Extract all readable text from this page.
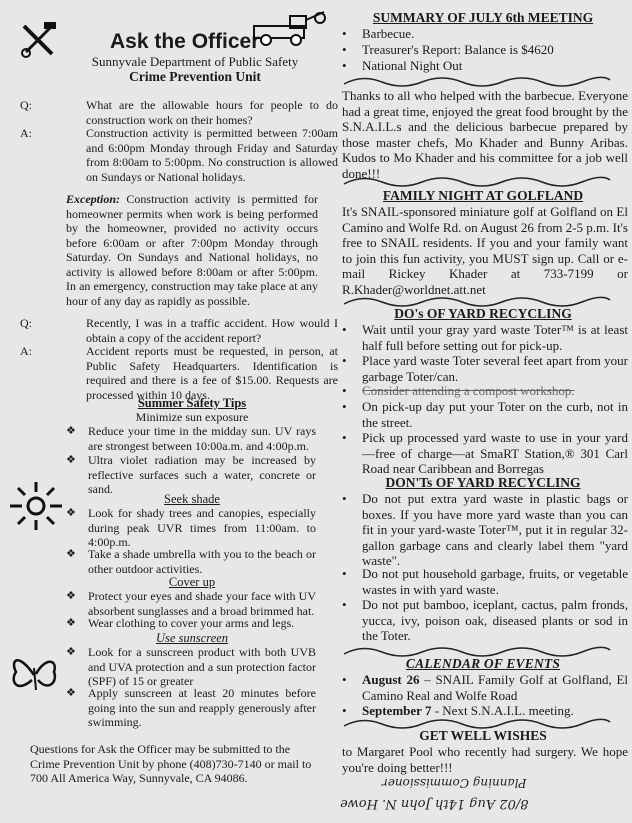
Ask the Officer
Sunnyvale Department of Public Safety
Crime Prevention Unit
Q:	What are the allowable hours for people to do construction work on their homes?
A:	Construction activity is permitted between 7:00am and 6:00pm Monday through Friday and Saturday from 8:00am to 5:00pm. No construction is allowed on Sundays or National holidays.
Exception: Construction activity is permitted for homeowner permits when work is being performed by the homeowner, provided no activity occurs before 6:00am or after 7:00pm Monday through Saturday. On Sundays and National holidays, no activity is allowed before 8:00am or after 5:00pm. In an emergency, construction may take place at any hour of any day as rapidly as possible.
Q:	Recently, I was in a traffic accident. How would I obtain a copy of the accident report?
A:	Accident reports must be requested, in person, at Public Safety Headquarters. Identification is required and there is a fee of $15.00. Requests are processed within 10 days.
Summer Safety Tips
Minimize sun exposure
❖ Reduce your time in the midday sun. UV rays are strongest between 10:00a.m. and 4:00p.m.
❖ Ultra violet radiation may be increased by reflective surfaces such a water, concrete or sand.
Seek shade
❖ Look for shady trees and canopies, especially during peak UVR times from 11:00am. to 4:00p.m.
❖ Take a shade umbrella with you to the beach or other outdoor activities.
Cover up
❖ Protect your eyes and shade your face with UV absorbent sunglasses and a broad brimmed hat.
❖ Wear clothing to cover your arms and legs.
Use sunscreen
❖ Look for a sunscreen product with both UVB and UVA protection and a sun protection factor (SPF) of 15 or greater
❖ Apply sunscreen at least 20 minutes before going into the sun and reapply generously after swimming.
Questions for Ask the Officer may be submitted to the Crime Prevention Unit by phone (408)730-7140 or mail to 700 All America Way, Sunnyvale, CA 94086.
SUMMARY OF JULY 6th MEETING
• Barbecue.
• Treasurer's Report: Balance is $4620
• National Night Out
Thanks to all who helped with the barbecue. Everyone had a great time, enjoyed the great food brought by the S.N.A.I.L.s and the delicious barbecue prepared by those master chefs, Mo Khader and Bunny Aribas. Kudos to Mo Khader and his committee for a job well done!!!
FAMILY NIGHT AT GOLFLAND
It's SNAIL-sponsored miniature golf at Golfland on El Camino and Wolfe Rd. on August 26 from 2-5 p.m. It's free to SNAIL residents. If you and your family want to join this fun activity, you MUST sign up. Call or e-mail Rickey Khader at 733-7199 or R.Khader@worldnet.att.net
DO's OF YARD RECYCLING
• Wait until your gray yard waste Toter™ is at least half full before setting out for pick-up.
• Place yard waste Toter several feet apart from your garbage Toter/can.
• Consider attending a compost workshop.
• On pick-up day put your Toter on the curb, not in the street.
• Pick up processed yard waste to use in your yard—free of charge—at SmaRT Station,® 301 Carl Road near Caribbean and Borregas
DON'Ts OF YARD RECYCLING
• Do not put extra yard waste in plastic bags or boxes. If you have more yard waste than you can fit in your yard-waste Toter™, put it in regular 32-gallon garbage cans and clearly label them "yard waste".
• Do not put household garbage, fruits, or vegetable wastes in with yard waste.
• Do not put bamboo, iceplant, cactus, palm fronds, yucca, ivy, poison oak, diseased plants or sod in the Toter.
CALENDAR OF EVENTS
• August 26 – SNAIL Family Golf at Golfland, El Camino Real and Wolfe Road
• September 7 - Next S.N.A.I.L. meeting.
GET WELL WISHES
to Margaret Pool who recently had surgery. We hope you're doing better!!!
Planning Commissioner
8/02 Aug 14th John N. Howe
